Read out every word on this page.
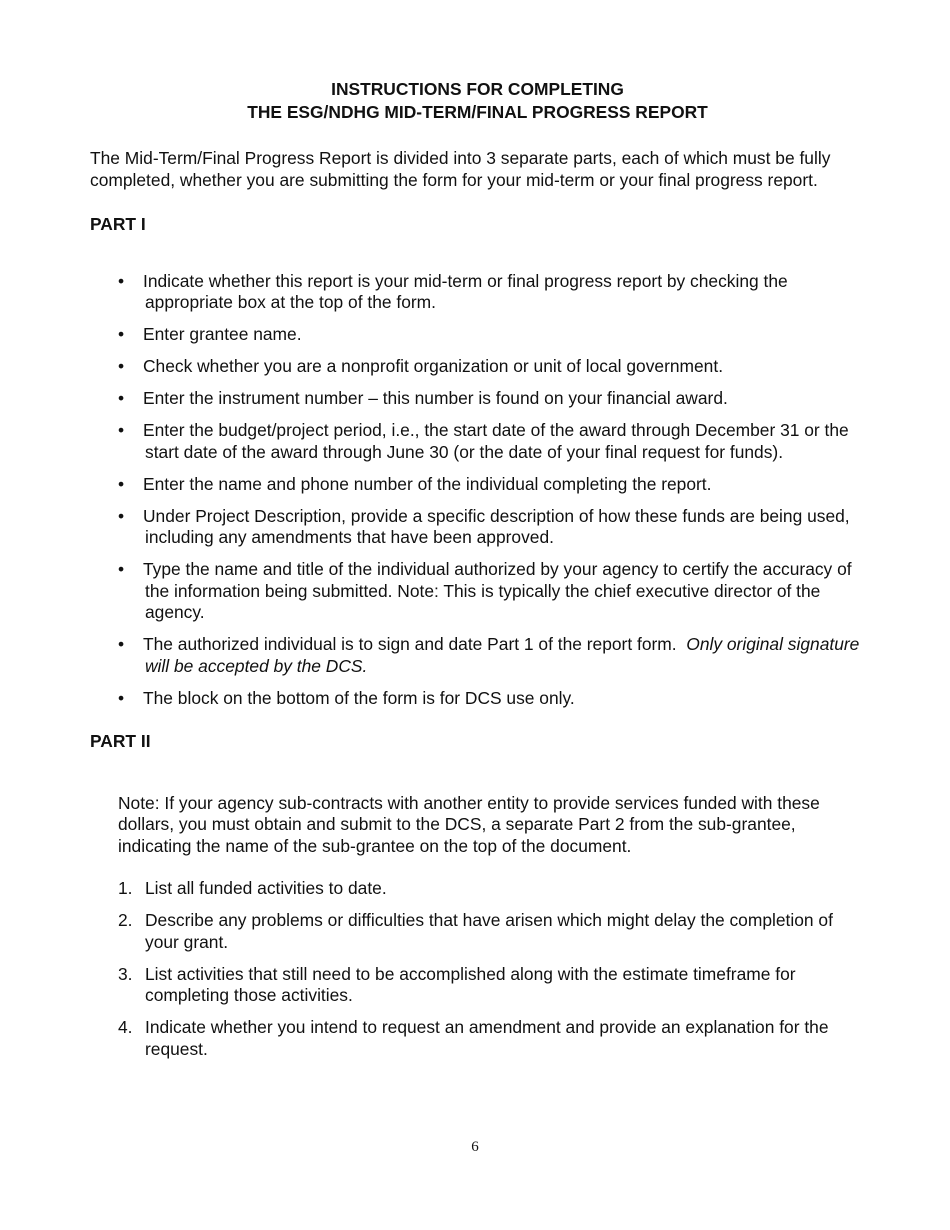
INSTRUCTIONS FOR COMPLETING

THE ESG/NDHG MID-TERM/FINAL PROGRESS REPORT

The Mid-Term/Final Progress Report is divided into 3 separate parts, each of which must be fully completed, whether you are submitting the form for your mid-term or your final progress report.

PART I

• Indicate whether this report is your mid-term or final progress report by checking the appropriate box at the top of the form.
• Enter grantee name.
• Check whether you are a nonprofit organization or unit of local government.
• Enter the instrument number – this number is found on your financial award.
• Enter the budget/project period, i.e., the start date of the award through December 31 or the start date of the award through June 30 (or the date of your final request for funds).
• Enter the name and phone number of the individual completing the report.
• Under Project Description, provide a specific description of how these funds are being used, including any amendments that have been approved.
• Type the name and title of the individual authorized by your agency to certify the accuracy of the information being submitted. Note: This is typically the chief executive director of the agency.
• The authorized individual is to sign and date Part 1 of the report form. Only original signature will be accepted by the DCS.
• The block on the bottom of the form is for DCS use only.

PART II

Note: If your agency sub-contracts with another entity to provide services funded with these dollars, you must obtain and submit to the DCS, a separate Part 2 from the sub-grantee, indicating the name of the sub-grantee on the top of the document.

1. List all funded activities to date.
2. Describe any problems or difficulties that have arisen which might delay the completion of your grant.
3. List activities that still need to be accomplished along with the estimate timeframe for completing those activities.
4. Indicate whether you intend to request an amendment and provide an explanation for the request.
6
